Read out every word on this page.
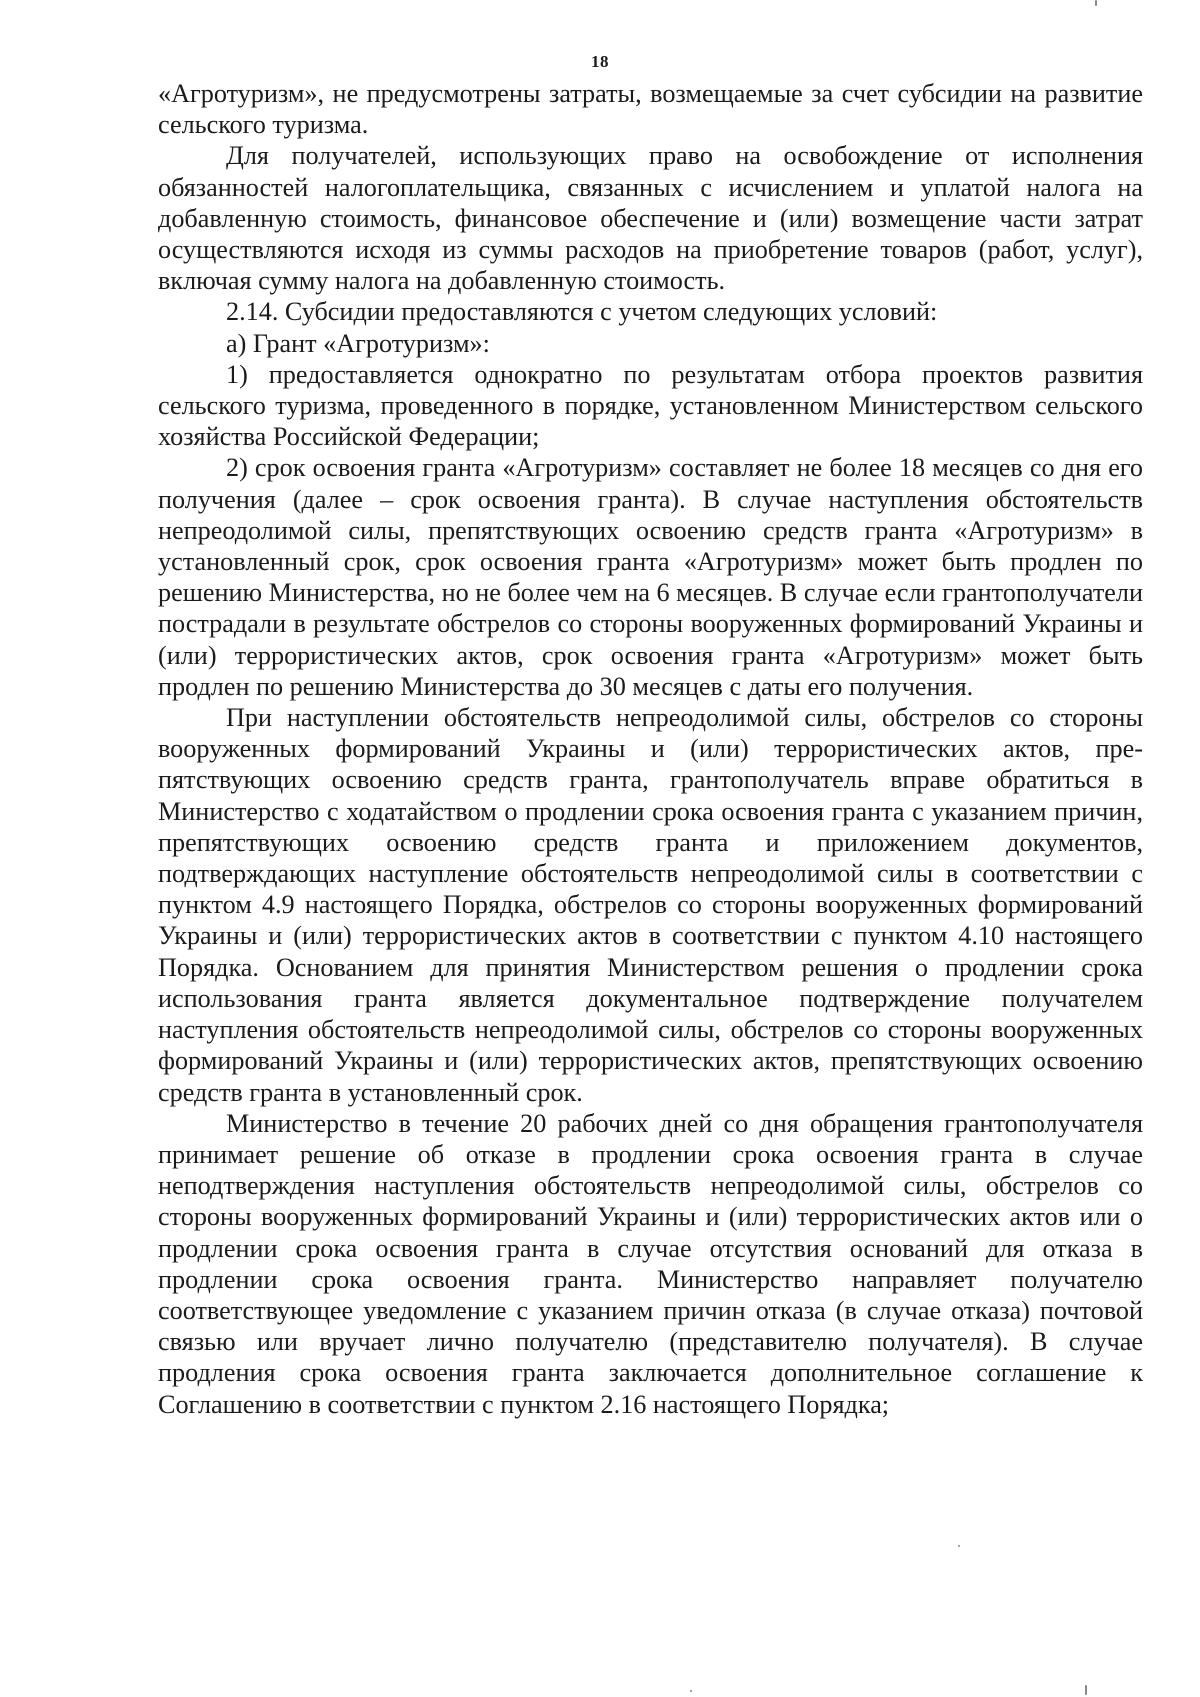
18

«Агротуризм», не предусмотрены затраты, возмещаемые за счет субсидии на развитие сельского туризма.

Для получателей, использующих право на освобождение от исполнения обязанностей налогоплательщика, связанных с исчислением и уплатой налога на добавленную стоимость, финансовое обеспечение и (или) возмещение части затрат осуществляются исходя из суммы расходов на приобретение товаров (работ, услуг), включая сумму налога на добавленную стоимость.

2.14. Субсидии предоставляются с учетом следующих условий:

а) Грант «Агротуризм»:

1) предоставляется однократно по результатам отбора проектов развития сельского туризма, проведенного в порядке, установленном Министерством сельского хозяйства Российской Федерации;

2) срок освоения гранта «Агротуризм» составляет не более 18 месяцев со дня его получения (далее – срок освоения гранта). В случае наступления обстоятельств непреодолимой силы, препятствующих освоению средств гранта «Агротуризм» в установленный срок, срок освоения гранта «Агротуризм» может быть продлен по решению Министерства, но не более чем на 6 месяцев. В случае если грантополучатели пострадали в результате обстрелов со стороны вооруженных формирований Украины и (или) террористических актов, срок освоения гранта «Агротуризм» может быть продлен по решению Министерства до 30 месяцев с даты его получения.

При наступлении обстоятельств непреодолимой силы, обстрелов со стороны вооруженных формирований Украины и (или) террористических актов, препятствующих освоению средств гранта, грантополучатель вправе обратиться в Министерство с ходатайством о продлении срока освоения гранта с указанием причин, препятствующих освоению средств гранта и приложением документов, подтверждающих наступление обстоятельств непреодолимой силы в соответствии с пунктом 4.9 настоящего Порядка, обстрелов со стороны вооруженных формирований Украины и (или) террористических актов в соответствии с пунктом 4.10 настоящего Порядка. Основанием для принятия Министерством решения о продлении срока использования гранта является документальное подтверждение получателем наступления обстоятельств непреодолимой силы, обстрелов со стороны вооруженных формирований Украины и (или) террористических актов, препятствующих освоению средств гранта в установленный срок.

Министерство в течение 20 рабочих дней со дня обращения грантополучателя принимает решение об отказе в продлении срока освоения гранта в случае неподтверждения наступления обстоятельств непреодолимой силы, обстрелов со стороны вооруженных формирований Украины и (или) террористических актов или о продлении срока освоения гранта в случае отсутствия оснований для отказа в продлении срока освоения гранта. Министерство направляет получателю соответствующее уведомление с указанием причин отказа (в случае отказа) почтовой связью или вручает лично получателю (представителю получателя). В случае продления срока освоения гранта заключается дополнительное соглашение к Соглашению в соответствии с пунктом 2.16 настоящего Порядка;
